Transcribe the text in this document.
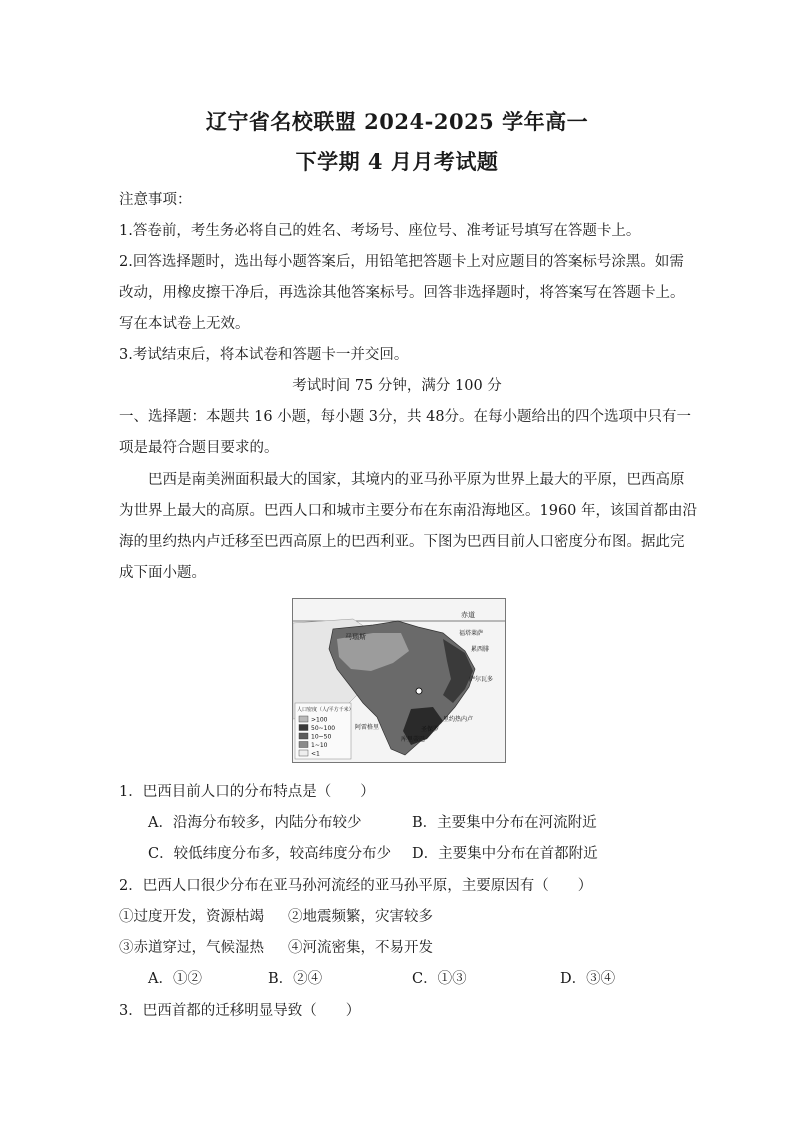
辽宁省名校联盟 2024-2025 学年高一
下学期 4 月月考试题
注意事项：
1.答卷前，考生务必将自己的姓名、考场号、座位号、准考证号填写在答题卡上。
2.回答选择题时，选出每小题答案后，用铅笔把答题卡上对应题目的答案标号涂黑。如需
改动，用橡皮擦干净后，再选涂其他答案标号。回答非选择题时，将答案写在答题卡上。
写在本试卷上无效。
3.考试结束后，将本试卷和答题卡一并交回。
考试时间 75 分钟，满分 100 分
一、选择题：本题共 16 小题，每小题 3分，共 48分。在每小题给出的四个选项中只有一
项是最符合题目要求的。
巴西是南美洲面积最大的国家，其境内的亚马孙平原为世界上最大的平原，巴西高原
为世界上最大的高原。巴西人口和城市主要分布在东南沿海地区。1960 年，该国首都由沿
海的里约热内卢迁移至巴西高原上的巴西利亚。下图为巴西目前人口密度分布图。据此完
成下面小题。
赤道
马瑙斯	福塔莱萨
累西腓
萨尔瓦多
里约热内卢
圣保罗
库里蒂巴
阿雷格里
人口密度（人/平方千米）
>100
50~100
10~50
1~10
<1
1．巴西目前人口的分布特点是（　　）
A．沿海分布较多，内陆分布较少	B．主要集中分布在河流附近
C．较低纬度分布多，较高纬度分布少 D．主要集中分布在首都附近
2．巴西人口很少分布在亚马孙河流经的亚马孙平原，主要原因有（　　）
①过度开发，资源枯竭 ②地震频繁，灾害较多
③赤道穿过，气候湿热 ④河流密集，不易开发
A．①②	B．②④	C．①③	D．③④
3．巴西首都的迁移明显导致（　　）
